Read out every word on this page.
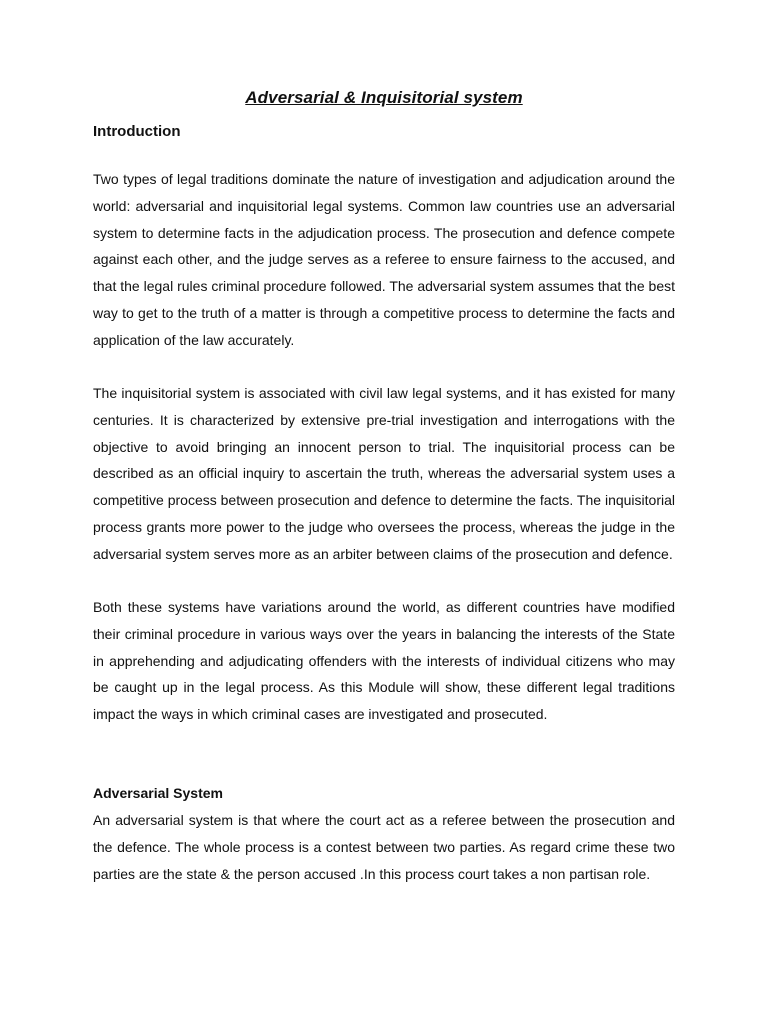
Adversarial & Inquisitorial system
Introduction

Two types of legal traditions dominate the nature of investigation and adjudication around the world: adversarial and inquisitorial legal systems. Common law countries use an adversarial system to determine facts in the adjudication process. The prosecution and defence compete against each other, and the judge serves as a referee to ensure fairness to the accused, and that the legal rules criminal procedure followed. The adversarial system assumes that the best way to get to the truth of a matter is through a competitive process to determine the facts and application of the law accurately.

The inquisitorial system is associated with civil law legal systems, and it has existed for many centuries. It is characterized by extensive pre-trial investigation and interrogations with the objective to avoid bringing an innocent person to trial. The inquisitorial process can be described as an official inquiry to ascertain the truth, whereas the adversarial system uses a competitive process between prosecution and defence to determine the facts. The inquisitorial process grants more power to the judge who oversees the process, whereas the judge in the adversarial system serves more as an arbiter between claims of the prosecution and defence.

Both these systems have variations around the world, as different countries have modified their criminal procedure in various ways over the years in balancing the interests of the State in apprehending and adjudicating offenders with the interests of individual citizens who may be caught up in the legal process. As this Module will show, these different legal traditions impact the ways in which criminal cases are investigated and prosecuted.

Adversarial System

An adversarial system is that where the court act as a referee between the prosecution and the defence. The whole process is a contest between two parties. As regard crime these two parties are the state & the person accused .In this process court takes a non partisan role.
